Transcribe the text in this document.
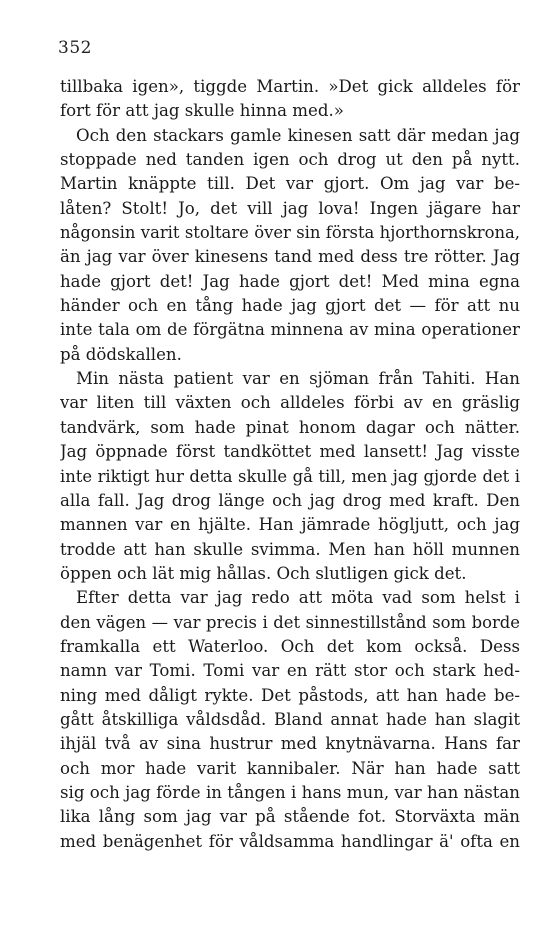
352
tillbaka igen», tiggde Martin. »Det gick alldeles för
fort för att jag skulle hinna med.»
Och den stackars gamle kinesen satt där medan jag
stoppade ned tanden igen och drog ut den på nytt.
Martin knäppte till. Det var gjort. Om jag var be-
låten? Stolt! Jo, det vill jag lova! Ingen jägare har
någonsin varit stoltare över sin första hjorthornskrona,
än jag var över kinesens tand med dess tre rötter. Jag
hade gjort det! Jag hade gjort det! Med mina egna
händer och en tång hade jag gjort det — för att nu
inte tala om de förgätna minnena av mina operationer
på dödskallen.
Min nästa patient var en sjöman från Tahiti. Han
var liten till växten och alldeles förbi av en gräslig
tandvärk, som hade pinat honom dagar och nätter.
Jag öppnade först tandköttet med lansett! Jag visste
inte riktigt hur detta skulle gå till, men jag gjorde det i
alla fall. Jag drog länge och jag drog med kraft. Den
mannen var en hjälte. Han jämrade högljutt, och jag
trodde att han skulle svimma. Men han höll munnen
öppen och lät mig hållas. Och slutligen gick det.
Efter detta var jag redo att möta vad som helst i
den vägen — var precis i det sinnestillstånd som borde
framkalla ett Waterloo. Och det kom också. Dess
namn var Tomi. Tomi var en rätt stor och stark hed-
ning med dåligt rykte. Det påstods, att han hade be-
gått åtskilliga våldsdåd. Bland annat hade han slagit
ihjäl två av sina hustrur med knytnävarna. Hans far
och mor hade varit kannibaler. När han hade satt
sig och jag förde in tången i hans mun, var han nästan
lika lång som jag var på stående fot. Storväxta män
med benägenhet för våldsamma handlingar ä' ofta en
